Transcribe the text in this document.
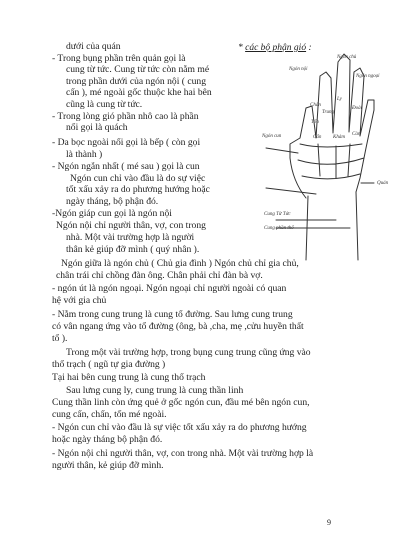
dưới của quán
- Trong bụng phần trên quản gọi là
cung từ tức. Cung từ tức còn nằm mé
trong phần dưới của ngón nội ( cung
cấn ), mé ngoài gốc thuộc khe hai bên
cũng là cung từ tức.
- Trong lòng gió phần nhô cao là phần
nổi gọi là quách
- Da bọc ngoài nổi gọi là bếp ( còn gọi
là thành )
- Ngón ngắn nhất ( mé sau ) gọi là cun
Ngón cun chỉ vào đầu là do sự việc
tốt xấu xảy ra do phương hướng hoặc
ngày tháng, bộ phận đó.
-Ngón giáp cun gọi là ngón nội
Ngón nội chỉ người thân, vợ, con trong
nhà. Một vài trường hợp là người
thân kẻ giúp đỡ mình ( quý nhân ).
Ngón giữa là ngón chủ ( Chủ gia đình ) Ngón chủ chỉ gia chủ,
chân trái chỉ chồng đàn ông. Chân phải chỉ đàn bà vợ.
- ngón út là ngón ngoại. Ngón ngoại chỉ người ngoài có quan
hệ với gia chủ
- Nằm trong cung trung là cung tổ đường. Sau lưng cung trung
có vân ngang ứng vào tổ đường (ông, bà ,cha, mẹ ,cửu huyền thất
tổ ).
Trong một vài trường hợp, trong bụng cung trung cũng ứng vào
thổ trạch ( ngũ tự gia đường )
Tại hai bên cung trung là cung thổ trạch
Sau lưng cung ly, cung trung là cung thần linh
Cung thần linh còn ứng quẻ ở gốc ngón cun, đầu mé bên ngón cun,
cung cấn, chấn, tốn mé ngoài.
- Ngón cun chỉ vào đầu là sự việc tốt xấu xảy ra do phương hướng
hoặc ngày tháng bộ phận đó.
- Ngón nội chỉ người thân, vợ, con trong nhà. Một vài trường hợp là
người thân, kẻ giúp đỡ mình.
* các bộ phận gió :
Ngón chủ
Ngón nội
Ngón ngoại
Ngón cun
Ly
Chấn
Trung
Đoài
Tốn
Cấn Khảm
Càn
Cung Từ Tức
Quán
Cung phần thổ
9
